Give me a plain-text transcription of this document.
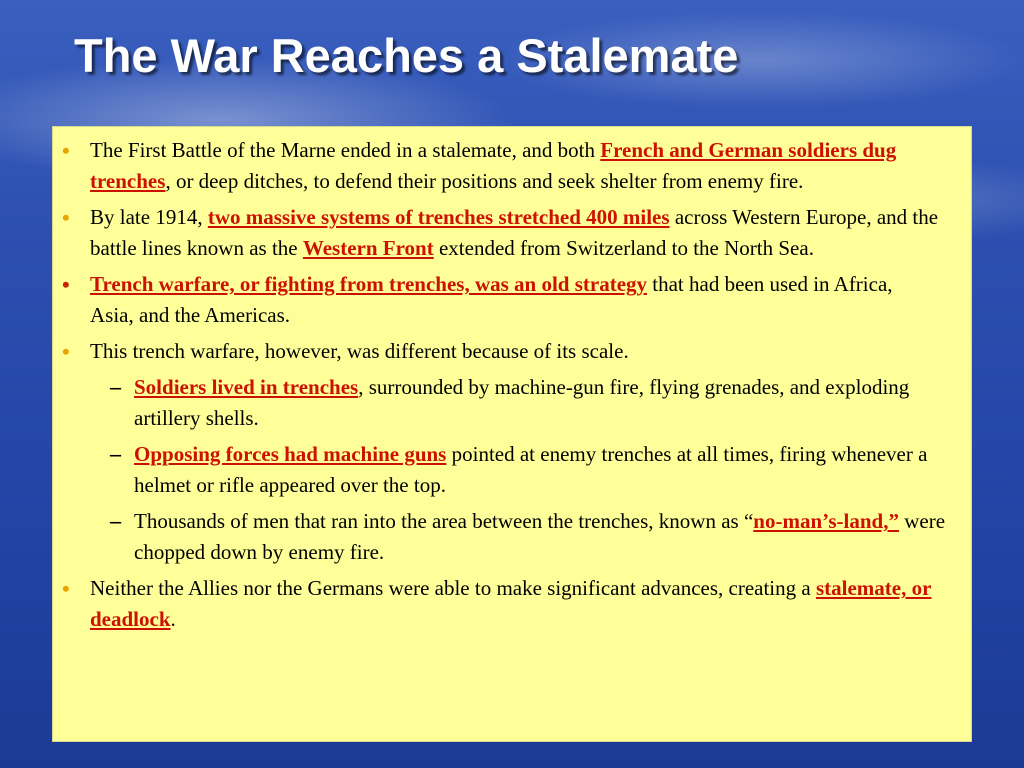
The War Reaches a Stalemate
• The First Battle of the Marne ended in a stalemate, and both French and German soldiers dug trenches, or deep ditches, to defend their positions and seek shelter from enemy fire.
• By late 1914, two massive systems of trenches stretched 400 miles across Western Europe, and the battle lines known as the Western Front extended from Switzerland to the North Sea.
• Trench warfare, or fighting from trenches, was an old strategy that had been used in Africa, Asia, and the Americas.
• This trench warfare, however, was different because of its scale.
– Soldiers lived in trenches, surrounded by machine-gun fire, flying grenades, and exploding artillery shells.
– Opposing forces had machine guns pointed at enemy trenches at all times, firing whenever a helmet or rifle appeared over the top.
– Thousands of men that ran into the area between the trenches, known as “no-man’s-land,” were chopped down by enemy fire.
• Neither the Allies nor the Germans were able to make significant advances, creating a stalemate, or deadlock.
